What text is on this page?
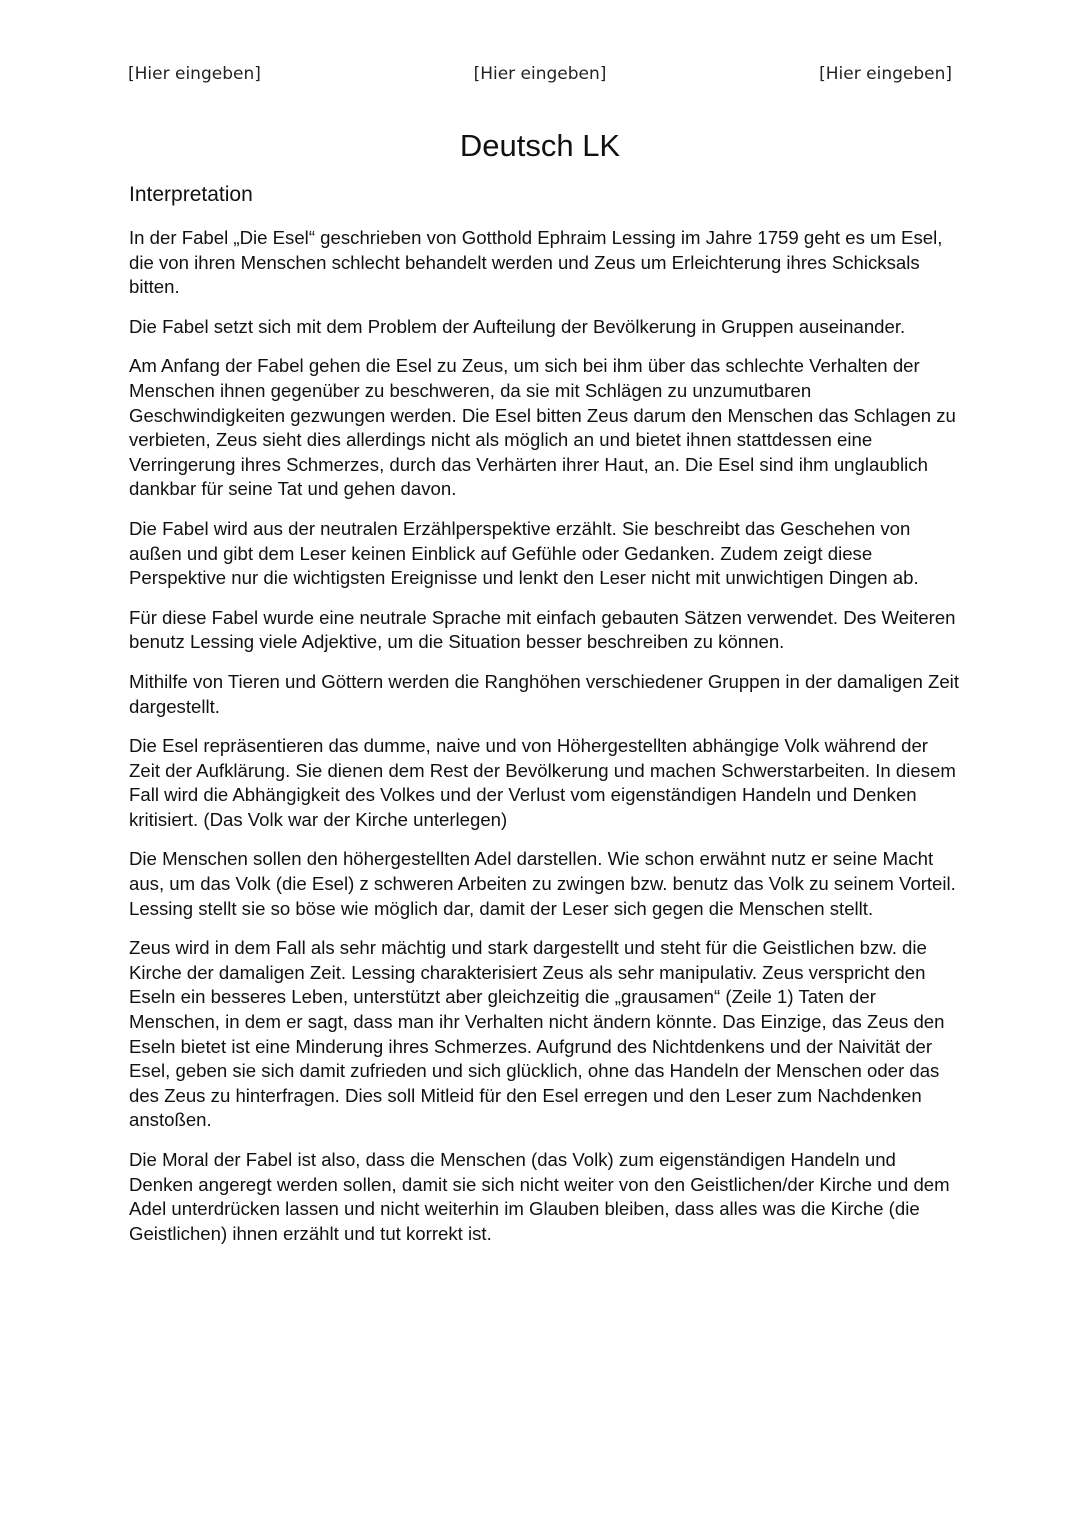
[Hier eingeben]	[Hier eingeben]	[Hier eingeben]
Deutsch LK
Interpretation

In der Fabel „Die Esel“ geschrieben von Gotthold Ephraim Lessing im Jahre 1759 geht es um Esel, die von ihren Menschen schlecht behandelt werden und Zeus um Erleichterung ihres Schicksals bitten.

Die Fabel setzt sich mit dem Problem der Aufteilung der Bevölkerung in Gruppen auseinander.

Am Anfang der Fabel gehen die Esel zu Zeus, um sich bei ihm über das schlechte Verhalten der Menschen ihnen gegenüber zu beschweren, da sie mit Schlägen zu unzumutbaren Geschwindigkeiten gezwungen werden. Die Esel bitten Zeus darum den Menschen das Schlagen zu verbieten, Zeus sieht dies allerdings nicht als möglich an und bietet ihnen stattdessen eine Verringerung ihres Schmerzes, durch das Verhärten ihrer Haut, an. Die Esel sind ihm unglaublich dankbar für seine Tat und gehen davon.

Die Fabel wird aus der neutralen Erzählperspektive erzählt. Sie beschreibt das Geschehen von außen und gibt dem Leser keinen Einblick auf Gefühle oder Gedanken. Zudem zeigt diese Perspektive nur die wichtigsten Ereignisse und lenkt den Leser nicht mit unwichtigen Dingen ab.

Für diese Fabel wurde eine neutrale Sprache mit einfach gebauten Sätzen verwendet. Des Weiteren benutz Lessing viele Adjektive, um die Situation besser beschreiben zu können.

Mithilfe von Tieren und Göttern werden die Ranghöhen verschiedener Gruppen in der damaligen Zeit dargestellt.

Die Esel repräsentieren das dumme, naive und von Höhergestellten abhängige Volk während der Zeit der Aufklärung. Sie dienen dem Rest der Bevölkerung und machen Schwerstarbeiten. In diesem Fall wird die Abhängigkeit des Volkes und der Verlust vom eigenständigen Handeln und Denken kritisiert. (Das Volk war der Kirche unterlegen)

Die Menschen sollen den höhergestellten Adel darstellen. Wie schon erwähnt nutz er seine Macht aus, um das Volk (die Esel) z schweren Arbeiten zu zwingen bzw. benutz das Volk zu seinem Vorteil. Lessing stellt sie so böse wie möglich dar, damit der Leser sich gegen die Menschen stellt.

Zeus wird in dem Fall als sehr mächtig und stark dargestellt und steht für die Geistlichen bzw. die Kirche der damaligen Zeit. Lessing charakterisiert Zeus als sehr manipulativ. Zeus verspricht den Eseln ein besseres Leben, unterstützt aber gleichzeitig die „grausamen“ (Zeile 1) Taten der Menschen, in dem er sagt, dass man ihr Verhalten nicht ändern könnte. Das Einzige, das Zeus den Eseln bietet ist eine Minderung ihres Schmerzes. Aufgrund des Nichtdenkens und der Naivität der Esel, geben sie sich damit zufrieden und sich glücklich, ohne das Handeln der Menschen oder das des Zeus zu hinterfragen. Dies soll Mitleid für den Esel erregen und den Leser zum Nachdenken anstoßen.

Die Moral der Fabel ist also, dass die Menschen (das Volk) zum eigenständigen Handeln und Denken angeregt werden sollen, damit sie sich nicht weiter von den Geistlichen/der Kirche und dem Adel unterdrücken lassen und nicht weiterhin im Glauben bleiben, dass alles was die Kirche (die Geistlichen) ihnen erzählt und tut korrekt ist.
